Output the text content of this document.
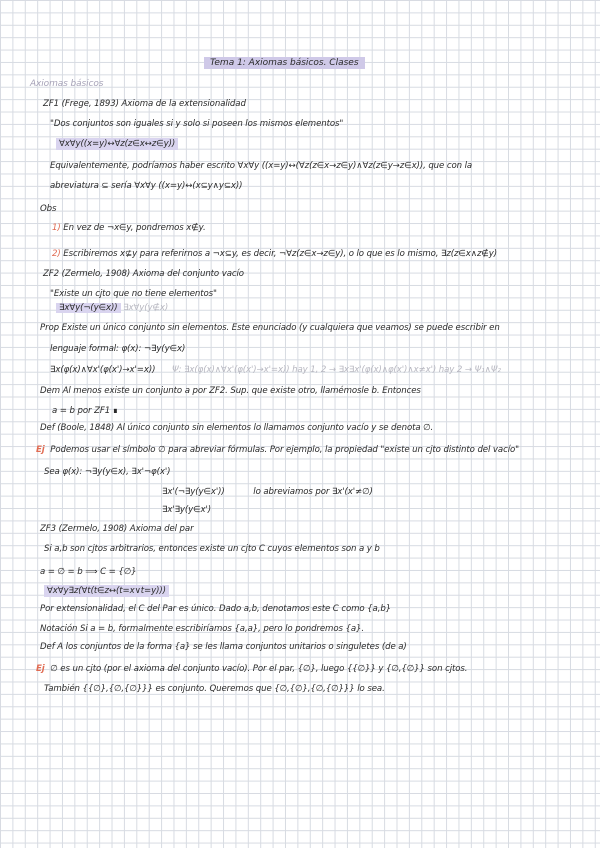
Tema 1: Axiomas básicos. Clases
Axiomas básicos
ZF1 (Frege, 1893) Axioma de la extensionalidad
"Dos conjuntos son iguales si y solo si poseen los mismos elementos"
∀x∀y((x=y)↔∀z(z∈x↔z∈y))
Equivalentemente, podríamos haber escrito ∀x∀y ((x=y)↔(∀z(z∈x→z∈y)∧∀z(z∈y→z∈x)), que con la
abreviatura ⊆ sería ∀x∀y ((x=y)↔(x⊆y∧y⊆x))
Obs
1) En vez de ¬x∈y, pondremos x∉y.
2) Escribiremos x⊈y para referirnos a ¬x⊆y, es decir, ¬∀z(z∈x→z∈y), o lo que es lo mismo, ∃z(z∈x∧z∉y)
ZF2 (Zermelo, 1908) Axioma del conjunto vacío
"Existe un cjto que no tiene elementos"
∃x∀y(¬(y∈x)) ∃x∀y(y∉x)
Prop Existe un único conjunto sin elementos. Este enunciado (y cualquiera que veamos) se puede escribir en
lenguaje formal: φ(x): ¬∃y(y∈x)
∃x(φ(x)∧∀x'(φ(x')→x'=x)) Ψ: ∃x(φ(x)∧∀x'(φ(x')→x'=x)) hay 1, 2 → ∃x∃x'(φ(x)∧φ(x')∧x≠x') hay 2 → Ψ₁∧Ψ₂
Dem Al menos existe un conjunto a por ZF2. Sup. que existe otro, llamémosle b. Entonces
a = b por ZF1 ∎
Def (Boole, 1848) Al único conjunto sin elementos lo llamamos conjunto vacío y se denota ∅.
Ej Podemos usar el símbolo ∅ para abreviar fórmulas. Por ejemplo, la propiedad "existe un cjto distinto del vacío"
Sea φ(x): ¬∃y(y∈x), ∃x'¬φ(x')
∃x'(¬∃y(y∈x'))	lo abreviamos por ∃x'(x'≠∅)
∃x'∃y(y∈x')
ZF3 (Zermelo, 1908) Axioma del par
Si a,b son cjtos arbitrarios, entonces existe un cjto C cuyos elementos son a y b
a = ∅ = b ⟹ C = {∅}
∀x∀y∃z(∀t(t∈z↔(t=x∨t=y)))
Por extensionalidad, el C del Par es único. Dado a,b, denotamos este C como {a,b}
Notación Si a = b, formalmente escribiríamos {a,a}, pero lo pondremos {a}.
Def A los conjuntos de la forma {a} se les llama conjuntos unitarios o singuletes (de a)
Ej ∅ es un cjto (por el axioma del conjunto vacío). Por el par, {∅}, luego {{∅}} y {∅,{∅}} son cjtos.
También {{∅},{∅,{∅}}} es conjunto. Queremos que {∅,{∅},{∅,{∅}}} lo sea.
